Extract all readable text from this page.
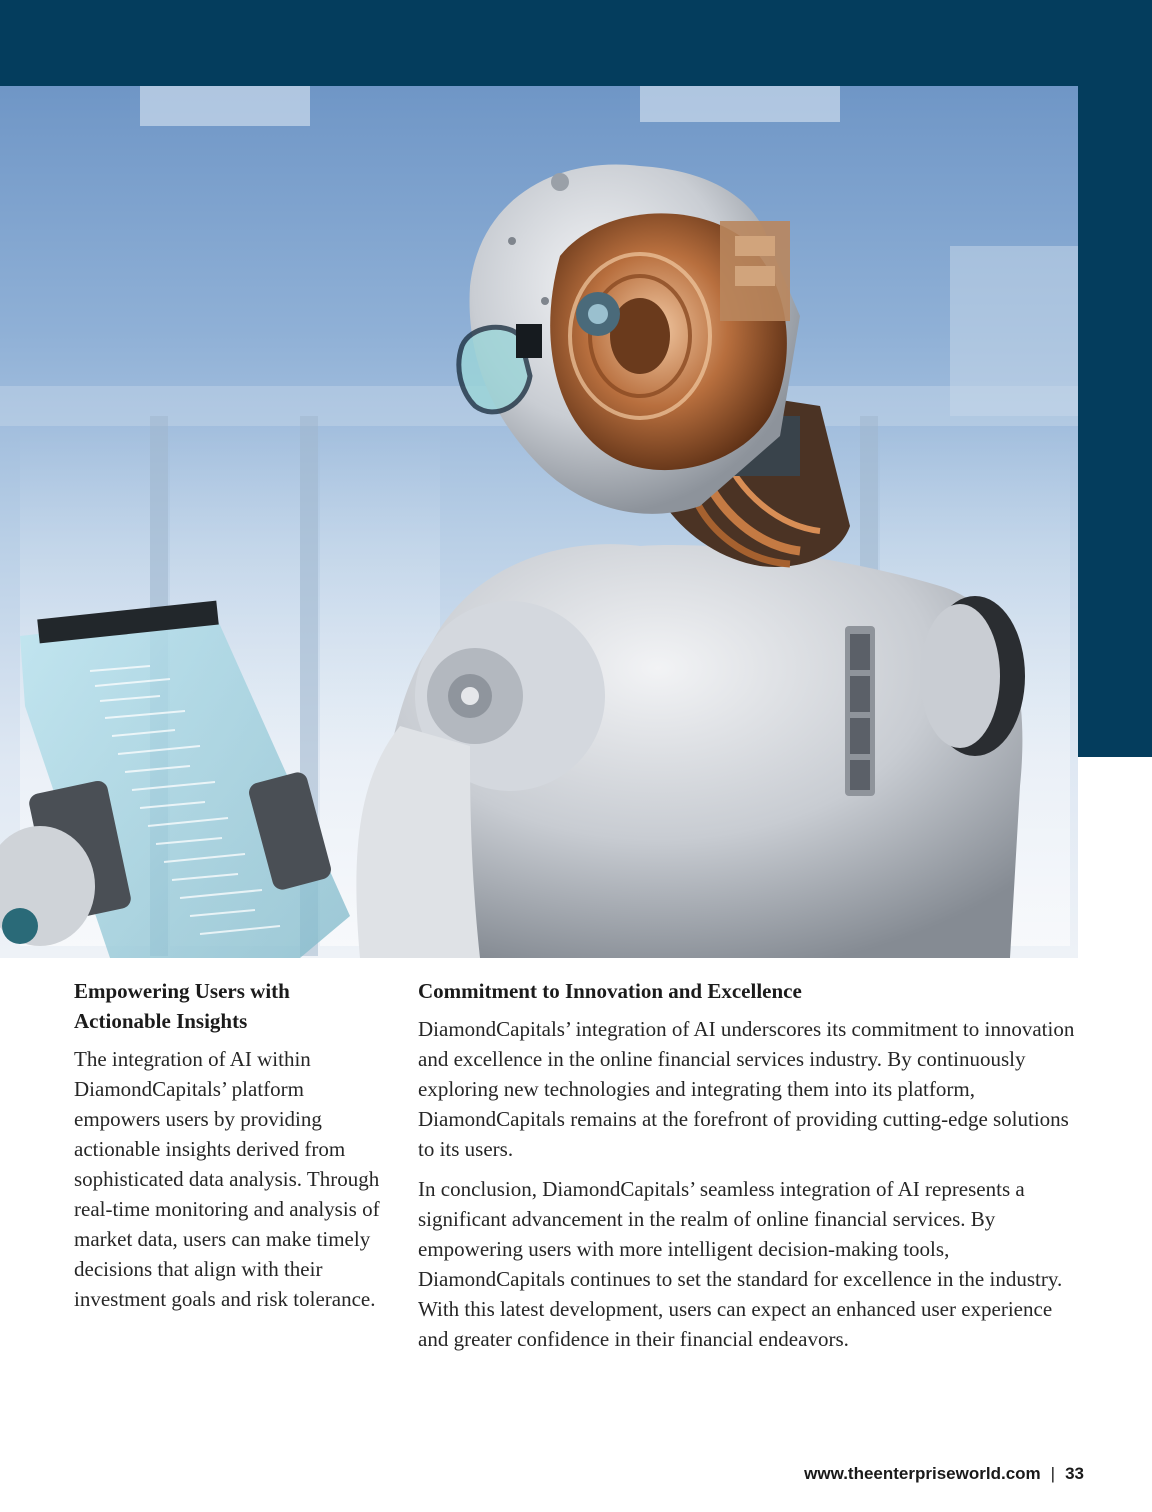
Empowering Users with Actionable Insights

The integration of AI within DiamondCapitals’ platform empowers users by providing actionable insights derived from sophisticated data analysis. Through real-time monitoring and analysis of market data, users can make timely decisions that align with their investment goals and risk tolerance.

Commitment to Innovation and Excellence

DiamondCapitals’ integration of AI underscores its commitment to innovation and excellence in the online financial services industry. By continuously exploring new technologies and integrating them into its platform, DiamondCapitals remains at the forefront of providing cutting-edge solutions to its users.

In conclusion, DiamondCapitals’ seamless integration of AI represents a significant advancement in the realm of online financial services. By empowering users with more intelligent decision-making tools, DiamondCapitals continues to set the standard for excellence in the industry. With this latest development, users can expect an enhanced user experience and greater confidence in their financial endeavors.

www.theenterpriseworld.com | 33
